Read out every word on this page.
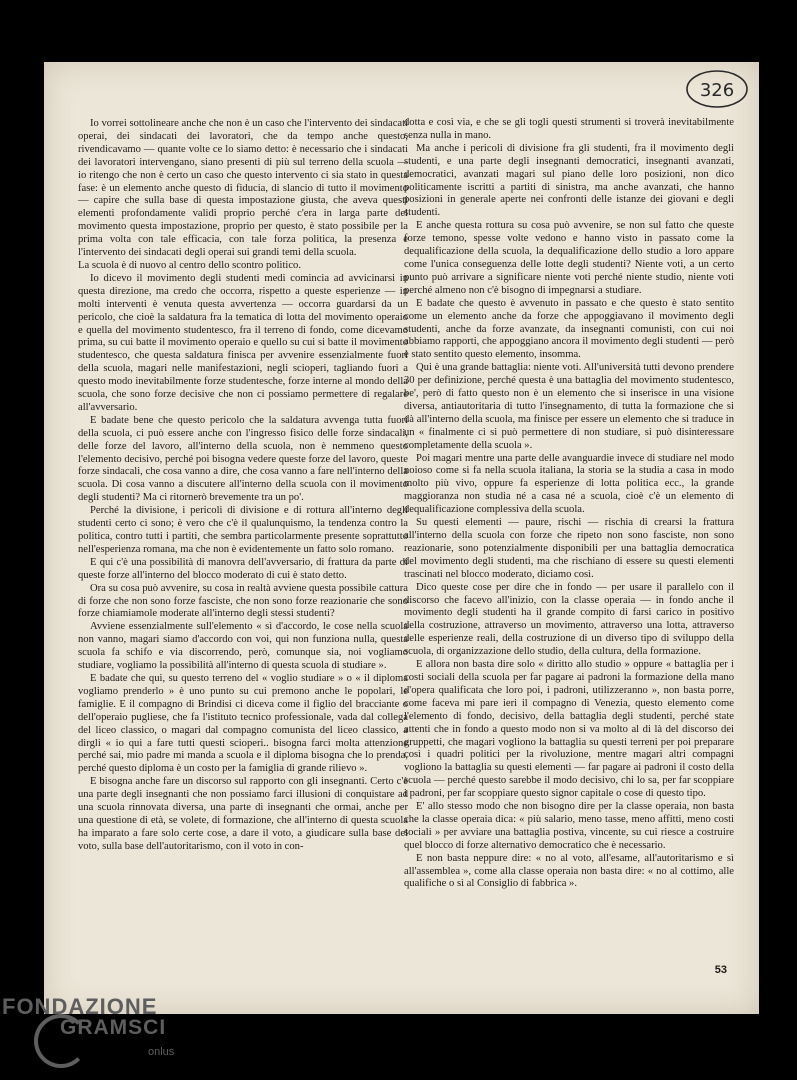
326

Io vorrei sottolineare anche che non è un caso che l'intervento dei sindacati operai, dei sindacati dei lavoratori, che da tempo anche questo, rivendicavamo — quante volte ce lo siamo detto: è necessario che i sindacati dei lavoratori intervengano, siano presenti di più sul terreno della scuola — io ritengo che non è certo un caso che questo intervento ci sia stato in questa fase: è un elemento anche questo di fiducia, di slancio di tutto il movimento — capire che sulla base di questa impostazione giusta, che aveva questi elementi profondamente validi proprio perché c'era in larga parte del movimento questa impostazione, proprio per questo, è stato possibile per la prima volta con tale efficacia, con tale forza politica, la presenza e l'intervento dei sindacati degli operai sui grandi temi della scuola.

La scuola è di nuovo al centro dello scontro politico.

Io dicevo il movimento degli studenti medi comincia ad avvicinarsi in questa direzione, ma credo che occorra, rispetto a queste esperienze — in molti interventi è venuta questa avvertenza — occorra guardarsi da un pericolo, che cioè la saldatura fra la tematica di lotta del movimento operaio e quella del movimento studentesco, fra il terreno di fondo, come dicevamo prima, su cui batte il movimento operaio e quello su cui si batte il movimento studentesco, che questa saldatura finisca per avvenire essenzialmente fuori della scuola, magari nelle manifestazioni, negli scioperi, tagliando fuori a questo modo inevitabilmente forze studentesche, forze interne al mondo della scuola, che sono forze decisive che non ci possiamo permettere di regalare all'avversario.

E badate bene che questo pericolo che la saldatura avvenga tutta fuori della scuola, ci può essere anche con l'ingresso fisico delle forze sindacali, delle forze del lavoro, all'interno della scuola, non è nemmeno questo l'elemento decisivo, perché poi bisogna vedere queste forze del lavoro, queste forze sindacali, che cosa vanno a dire, che cosa vanno a fare nell'interno della scuola. Di cosa vanno a discutere all'interno della scuola con il movimento degli studenti? Ma ci ritornerò brevemente tra un po'.

Perché la divisione, i pericoli di divisione e di rottura all'interno degli studenti certo ci sono; è vero che c'è il qualunquismo, la tendenza contro la politica, contro tutti i partiti, che sembra particolarmente presente soprattutto nell'esperienza romana, ma che non è evidentemente un fatto solo romano.

E qui c'è una possibilità di manovra dell'avversario, di frattura da parte di queste forze all'interno del blocco moderato di cui è stato detto.

Ora su cosa può avvenire, su cosa in realtà avviene questa possibile cattura di forze che non sono forze fasciste, che non sono forze reazionarie che sono forze chiamiamole moderate all'interno degli stessi studenti?

Avviene essenzialmente sull'elemento « sì d'accordo, le cose nella scuola non vanno, magari siamo d'accordo con voi, qui non funziona nulla, questa scuola fa schifo e via discorrendo, però, comunque sia, noi vogliamo studiare, vogliamo la possibilità all'interno di questa scuola di studiare ».

E badate che qui, su questo terreno del « voglio studiare » o « il diploma vogliamo prenderlo » è uno punto su cui premono anche le popolari, le famiglie. E il compagno di Brindisi ci diceva come il figlio del bracciante o dell'operaio pugliese, che fa l'istituto tecnico professionale, vada dal collega del liceo classico, o magari dal compagno comunista del liceo classico, a dirgli « io qui a fare tutti questi scioperi.. bisogna farci molta attenzione perché sai, mio padre mi manda a scuola e il diploma bisogna che lo prenda, perché questo diploma è un costo per la famiglia di grande rilievo ».

E bisogna anche fare un discorso sul rapporto con gli insegnanti. Certo c'è una parte degli insegnanti che non possiamo farci illusioni di conquistare ad una scuola rinnovata diversa, una parte di insegnanti che ormai, anche per una questione di età, se volete, di formazione, che all'interno di questa scuola ha imparato a fare solo certe cose, a dare il voto, a giudicare sulla base del voto, sulla base dell'autoritarismo, con il voto in con-

dotta e così via, e che se gli togli questi strumenti si troverà inevitabilmente senza nulla in mano.

Ma anche i pericoli di divisione fra gli studenti, fra il movimento degli studenti, e una parte degli insegnanti democratici, insegnanti avanzati, democratici, avanzati magari sul piano delle loro posizioni, non dico politicamente iscritti a partiti di sinistra, ma anche avanzati, che hanno posizioni in generale aperte nei confronti delle istanze dei giovani e degli studenti.

E anche questa rottura su cosa può avvenire, se non sul fatto che queste forze temono, spesse volte vedono e hanno visto in passato come la dequalificazione della scuola, la dequalificazione dello studio a loro appare come l'unica conseguenza delle lotte degli studenti? Niente voti, a un certo punto può arrivare a significare niente voti perché niente studio, niente voti perché almeno non c'è bisogno di impegnarsi a studiare.

E badate che questo è avvenuto in passato e che questo è stato sentito come un elemento anche da forze che appoggiavano il movimento degli studenti, anche da forze avanzate, da insegnanti comunisti, con cui noi abbiamo rapporti, che appoggiano ancora il movimento degli studenti — però è stato sentito questo elemento, insomma.

Qui è una grande battaglia: niente voti. All'università tutti devono prendere 30 per definizione, perché questa è una battaglia del movimento studentesco, be', però di fatto questo non è un elemento che si inserisce in una visione diversa, antiautoritaria di tutto l'insegnamento, di tutta la formazione che si dà all'interno della scuola, ma finisce per essere un elemento che si traduce in un « finalmente ci si può permettere di non studiare, si può disinteressare completamente della scuola ».

Poi magari mentre una parte delle avanguardie invece di studiare nel modo noioso come si fa nella scuola italiana, la storia se la studia a casa in modo molto più vivo, oppure fa esperienze di lotta politica ecc., la grande maggioranza non studia né a casa né a scuola, cioè c'è un elemento di dequalificazione complessiva della scuola.

Su questi elementi — paure, rischi — rischia di crearsi la frattura all'interno della scuola con forze che ripeto non sono fasciste, non sono reazionarie, sono potenzialmente disponibili per una battaglia democratica del movimento degli studenti, ma che rischiano di essere su questi elementi trascinati nel blocco moderato, diciamo così.

Dico queste cose per dire che in fondo — per usare il parallelo con il discorso che facevo all'inizio, con la classe operaia — in fondo anche il movimento degli studenti ha il grande compito di farsi carico in positivo della costruzione, attraverso un movimento, attraverso una lotta, attraverso delle esperienze reali, della costruzione di un diverso tipo di sviluppo della scuola, di organizzazione dello studio, della cultura, della formazione.

E allora non basta dire solo « diritto allo studio » oppure « battaglia per i costi sociali della scuola per far pagare ai padroni la formazione della mano d'opera qualificata che loro poi, i padroni, utilizzeranno », non basta porre, come faceva mi pare ieri il compagno di Venezia, questo elemento come l'elemento di fondo, decisivo, della battaglia degli studenti, perché state attenti che in fondo a questo modo non si va molto al di là del discorso dei gruppetti, che magari vogliono la battaglia su questi terreni per poi preparare così i quadri politici per la rivoluzione, mentre magari altri compagni vogliono la battaglia su questi elementi — far pagare ai padroni il costo della scuola — perché questo sarebbe il modo decisivo, chi lo sa, per far scoppiare i padroni, per far scoppiare questo signor capitale o cose di questo tipo.

E' allo stesso modo che non bisogno dire per la classe operaia, non basta che la classe operaia dica: « più salario, meno tasse, meno affitti, meno costi sociali » per avviare una battaglia postiva, vincente, su cui riesce a costruire quel blocco di forze alternativo democratico che è necessario.

E non basta neppure dire: « no al voto, all'esame, all'autoritarismo e sì all'assemblea », come alla classe operaia non basta dire: « no al cottimo, alle qualifiche o sì al Consiglio di fabbrica ».

53
FONDAZIONE
GRAMSCI
onlus
